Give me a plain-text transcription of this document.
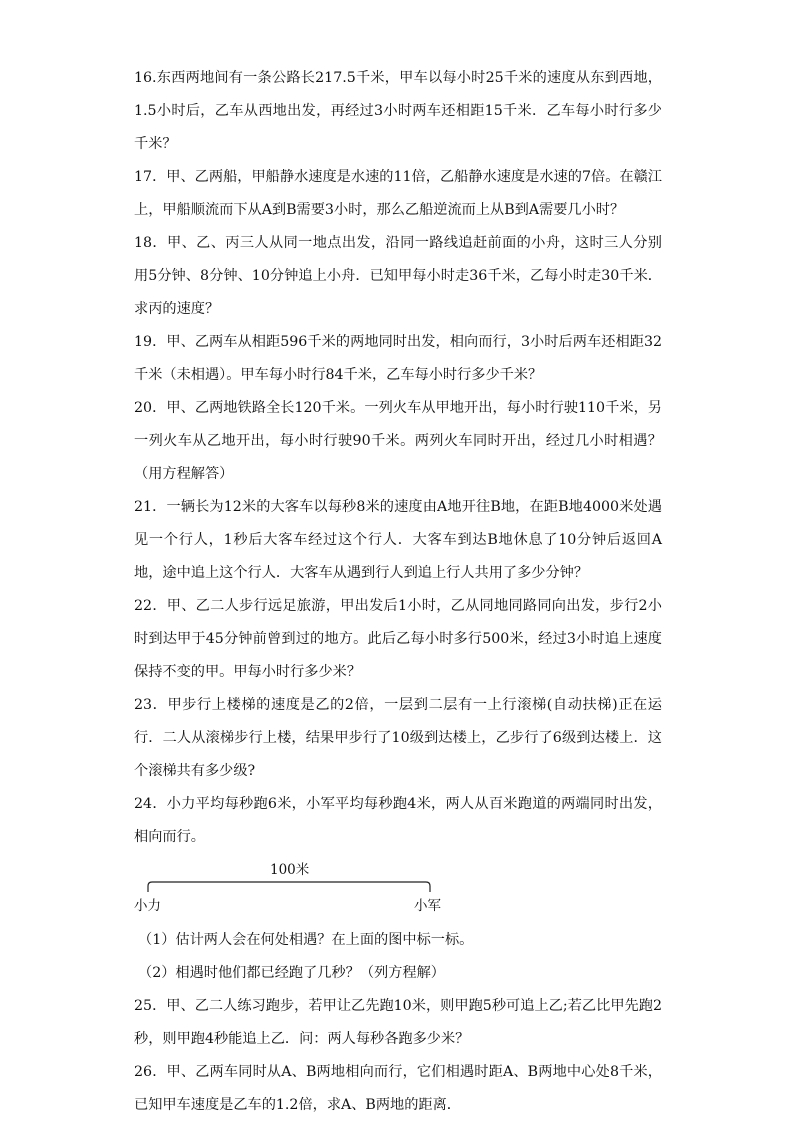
16.东西两地间有一条公路长217.5千米，甲车以每小时25千米的速度从东到西地，1.5小时后，乙车从西地出发，再经过3小时两车还相距15千米．乙车每小时行多少千米？

17．甲、乙两船，甲船静水速度是水速的11倍，乙船静水速度是水速的7倍。在赣江上，甲船顺流而下从A到B需要3小时，那么乙船逆流而上从B到A需要几小时？

18．甲、乙、丙三人从同一地点出发，沿同一路线追赶前面的小舟，这时三人分别用5分钟、8分钟、10分钟追上小舟．已知甲每小时走36千米，乙每小时走30千米．求丙的速度？

19．甲、乙两车从相距596千米的两地同时出发，相向而行，3小时后两车还相距32千米（未相遇）。甲车每小时行84千米，乙车每小时行多少千米？

20．甲、乙两地铁路全长120千米。一列火车从甲地开出，每小时行驶110千米，另一列火车从乙地开出，每小时行驶90千米。两列火车同时开出，经过几小时相遇？（用方程解答）

21．一辆长为12米的大客车以每秒8米的速度由A地开往B地，在距B地4000米处遇见一个行人，1秒后大客车经过这个行人．大客车到达B地休息了10分钟后返回A地，途中追上这个行人．大客车从遇到行人到追上行人共用了多少分钟？

22．甲、乙二人步行远足旅游，甲出发后1小时，乙从同地同路同向出发，步行2小时到达甲于45分钟前曾到过的地方。此后乙每小时多行500米，经过3小时追上速度保持不变的甲。甲每小时行多少米？

23．甲步行上楼梯的速度是乙的2倍，一层到二层有一上行滚梯(自动扶梯)正在运行．二人从滚梯步行上楼，结果甲步行了10级到达楼上，乙步行了6级到达楼上．这个滚梯共有多少级?

24．小力平均每秒跑6米，小军平均每秒跑4米，两人从百米跑道的两端同时出发，相向而行。

100米
小力	小军

（1）估计两人会在何处相遇？在上面的图中标一标。

（2）相遇时他们都已经跑了几秒？（列方程解）

25．甲、乙二人练习跑步，若甲让乙先跑10米，则甲跑5秒可追上乙;若乙比甲先跑2秒，则甲跑4秒能追上乙．问：两人每秒各跑多少米？

26．甲、乙两车同时从A、B两地相向而行，它们相遇时距A、B两地中心处8千米，已知甲车速度是乙车的1.2倍，求A、B两地的距离．
